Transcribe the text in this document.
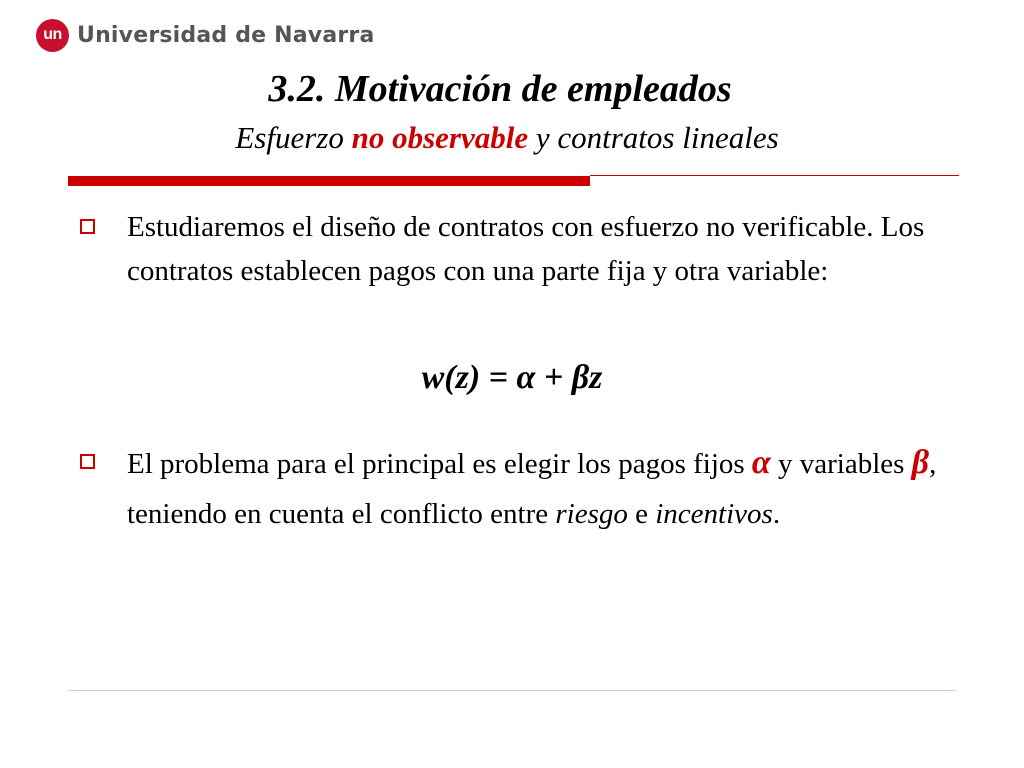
un Universidad de Navarra
3.2. Motivación de empleados
Esfuerzo no observable y contratos lineales
Estudiaremos el diseño de contratos con esfuerzo no verificable. Los contratos establecen pagos con una parte fija y otra variable:
w(z) = α + βz
El problema para el principal es elegir los pagos fijos α y variables β, teniendo en cuenta el conflicto entre riesgo e incentivos.
